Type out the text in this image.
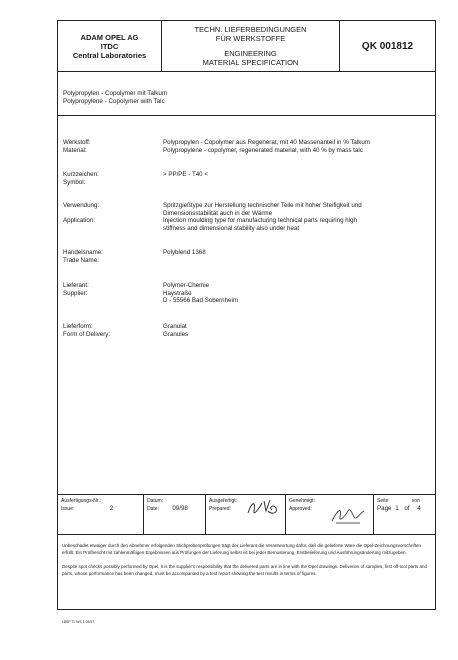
ADAM OPEL AG
ITDC
Central Laboratories
TECHN. LIEFERBEDINGUNGEN
FÜR WERKSTOFFE
ENGINEERING
MATERIAL SPECIFICATION
QK 001812
Polypropylen - Copolymer mit Talkum
Polypropylene - Copolymer with Talc
Werkstoff:
Material:
Polypropylen - Copolymer aus Regenerat, mit 40 Massenanteil in % Talkum
Polypropylene - copolymer, regenerated material, with 40 % by mass talc
Kurzzeichen:
Symbol:
> PP/PE - T40 <
Verwendung:
Application:
Spritzgießtype zur Herstellung technischer Teile mit hoher Steifigkeit und
Dimensionsstabilität auch in der Wärme
Injection moulding type for manufacturing technical parts requiring high
stiffness and dimensional stability also under heat
Handelsname:
Trade Name:
Polyblend 1368
Lieferant:
Supplier:
Polymer-Chemie
Haystraße
D - 55566 Bad Sobernheim
Lieferform:
Form of Delivery:
Granulat
Granules
Ausfertigungs-Nr.:
Issue:	2
Datum:
Date: 09/98
Ausgefertigt:
Prepared:
Genehmigt:
Approved:
Seite	von
Page 1 of 4

Unbeschadet etwaiger durch den Abnehmer erfolgenden Stichprobenprüfungen trägt der Lieferant die Verantwortung dafür, daß die gelieferte Ware die Opel-Zeichnungsvorschriften erfüllt. Ein Prüfbericht mit zahlenmäßigen Ergebnissen aus Prüfungen der Lieferung selbst ist bei jeder Bemusterung, Erstbelieferung und Ausführungsänderung mitzugeben.

Despite spot checks possibly performed by Opel, it is the supplier's responsibility that the delivered parts are in line with the Opel drawings. Deliveries of samples, first off-tool parts and parts, whose performance has been changed, must be accompanied by a test report showing the test results in terms of figures.

LBSP TL WS 1 09/97
